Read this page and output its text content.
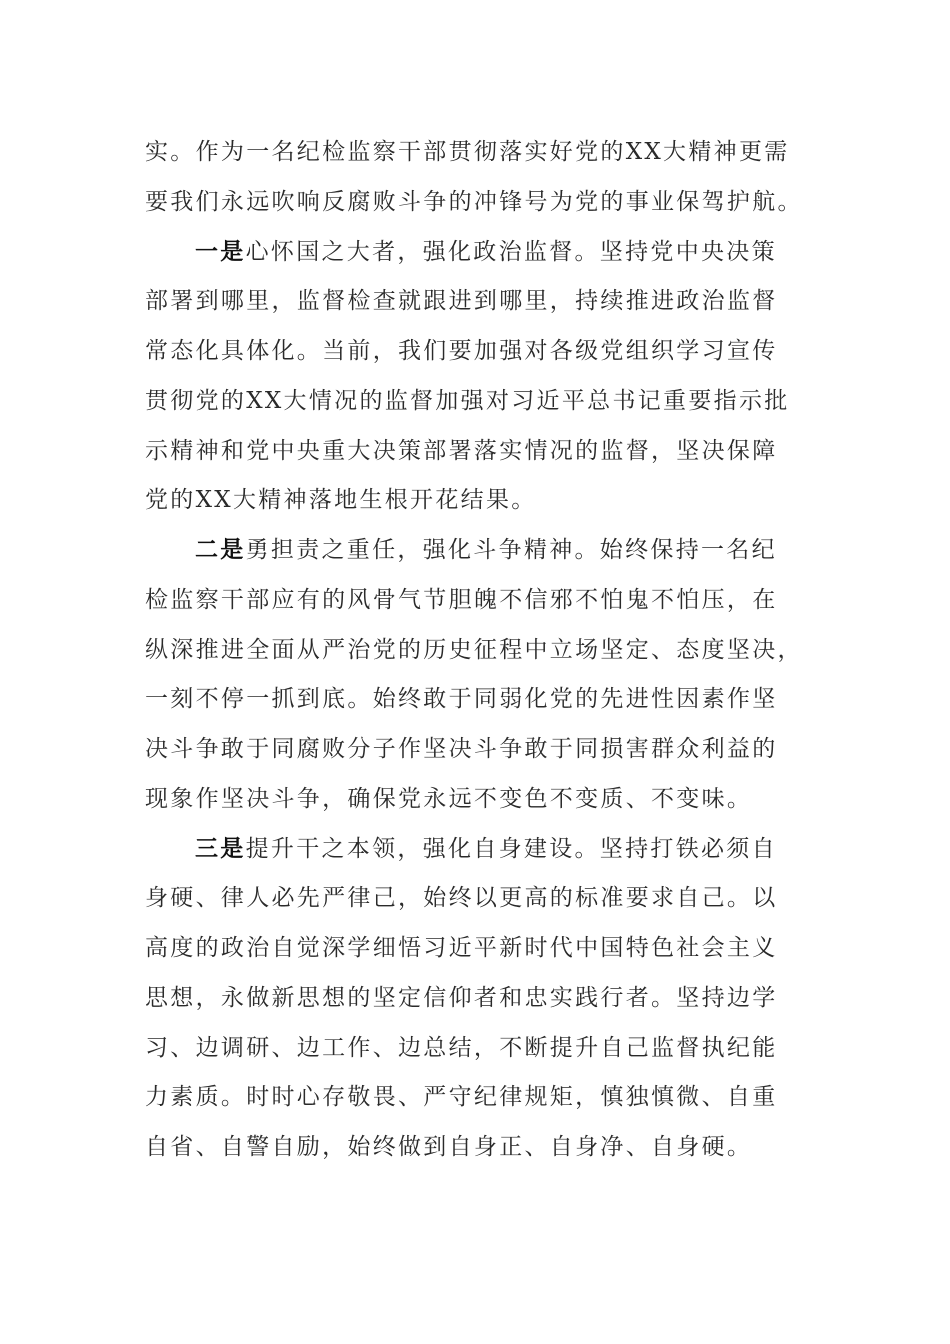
实。作为一名纪检监察干部贯彻落实好党的XX大精神更需
要我们永远吹响反腐败斗争的冲锋号为党的事业保驾护航。
一是心怀国之大者，强化政治监督。坚持党中央决策
部署到哪里，监督检查就跟进到哪里，持续推进政治监督
常态化具体化。当前，我们要加强对各级党组织学习宣传
贯彻党的XX大情况的监督加强对习近平总书记重要指示批
示精神和党中央重大决策部署落实情况的监督，坚决保障
党的XX大精神落地生根开花结果。
二是勇担责之重任，强化斗争精神。始终保持一名纪
检监察干部应有的风骨气节胆魄不信邪不怕鬼不怕压，在
纵深推进全面从严治党的历史征程中立场坚定、态度坚决，
一刻不停一抓到底。始终敢于同弱化党的先进性因素作坚
决斗争敢于同腐败分子作坚决斗争敢于同损害群众利益的
现象作坚决斗争，确保党永远不变色不变质、不变味。
三是提升干之本领，强化自身建设。坚持打铁必须自
身硬、律人必先严律己，始终以更高的标准要求自己。以
高度的政治自觉深学细悟习近平新时代中国特色社会主义
思想，永做新思想的坚定信仰者和忠实践行者。坚持边学
习、边调研、边工作、边总结，不断提升自己监督执纪能
力素质。时时心存敬畏、严守纪律规矩，慎独慎微、自重
自省、自警自励，始终做到自身正、自身净、自身硬。
